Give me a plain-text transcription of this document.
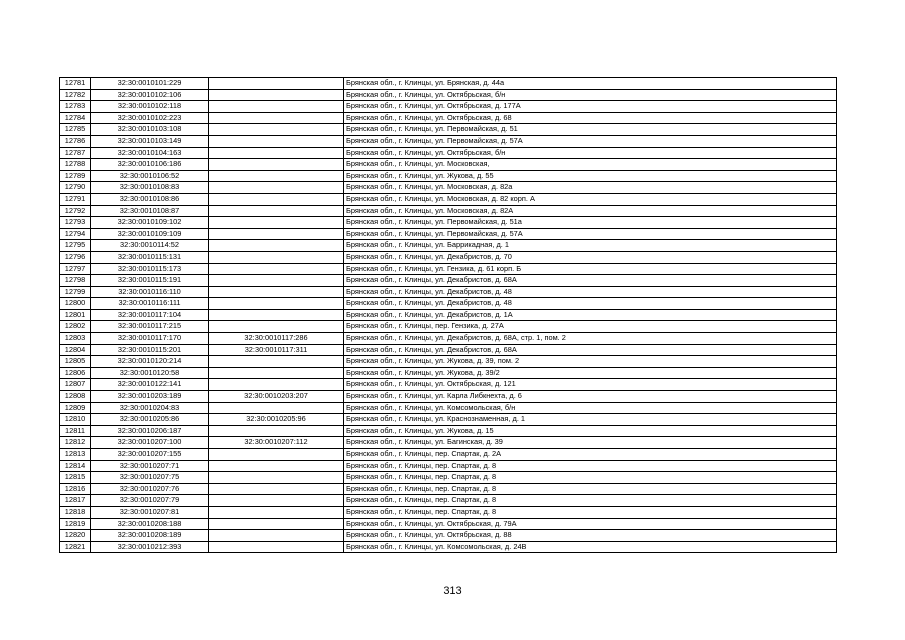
12781	32:30:0010101:229		Брянская обл., г. Клинцы, ул. Брянская, д. 44а
12782	32:30:0010102:106		Брянская обл., г. Клинцы, ул. Октябрьская, б/н
12783	32:30:0010102:118		Брянская обл., г. Клинцы, ул. Октябрьская, д. 177А
12784	32:30:0010102:223		Брянская обл., г. Клинцы, ул. Октябрьская, д. 68
12785	32:30:0010103:108		Брянская обл., г. Клинцы, ул. Первомайская, д. 51
12786	32:30:0010103:149		Брянская обл., г. Клинцы, ул. Первомайская, д. 57А
12787	32:30:0010104:163		Брянская обл., г. Клинцы, ул. Октябрьская, б/н
12788	32:30:0010106:186		Брянская обл., г. Клинцы, ул. Московская,
12789	32:30:0010106:52		Брянская обл., г. Клинцы, ул. Жукова, д. 55
12790	32:30:0010108:83		Брянская обл., г. Клинцы, ул. Московская, д. 82а
12791	32:30:0010108:86		Брянская обл., г. Клинцы, ул. Московская, д. 82 корп. А
12792	32:30:0010108:87		Брянская обл., г. Клинцы, ул. Московская, д. 82А
12793	32:30:0010109:102		Брянская обл., г. Клинцы, ул. Первомайская, д. 51а
12794	32:30:0010109:109		Брянская обл., г. Клинцы, ул. Первомайская, д. 57А
12795	32:30:0010114:52		Брянская обл., г. Клинцы, ул. Баррикадная, д. 1
12796	32:30:0010115:131		Брянская обл., г. Клинцы, ул. Декабристов, д. 70
12797	32:30:0010115:173		Брянская обл., г. Клинцы, ул. Гензика, д. 61 корп. Б
12798	32:30:0010115:191		Брянская обл., г. Клинцы, ул. Декабристов, д. 68А
12799	32:30:0010116:110		Брянская обл., г. Клинцы, ул. Декабристов, д. 48
12800	32:30:0010116:111		Брянская обл., г. Клинцы, ул. Декабристов, д. 48
12801	32:30:0010117:104		Брянская обл., г. Клинцы, ул. Декабристов, д. 1А
12802	32:30:0010117:215		Брянская обл., г. Клинцы, пер. Гензика, д. 27А
12803	32:30:0010117:170	32:30:0010117:286	Брянская обл., г. Клинцы, ул. Декабристов, д. 68А, стр. 1, пом. 2
12804	32:30:0010115:201	32:30:0010117:311	Брянская обл., г. Клинцы, ул. Декабристов, д. 68А
12805	32:30:0010120:214		Брянская обл., г. Клинцы, ул. Жукова, д. 39, пом. 2
12806	32:30:0010120:58		Брянская обл., г. Клинцы, ул. Жукова, д. 39/2
12807	32:30:0010122:141		Брянская обл., г. Клинцы, ул. Октябрьская, д. 121
12808	32:30:0010203:189	32:30:0010203:207	Брянская обл., г. Клинцы, ул. Карла Либкнехта, д. 6
12809	32:30:0010204:83		Брянская обл., г. Клинцы, ул. Комсомольская, б/н
12810	32:30:0010205:86	32:30:0010205:96	Брянская обл., г. Клинцы, ул. Краснознаменная, д. 1
12811	32:30:0010206:187		Брянская обл., г. Клинцы, ул. Жукова, д. 15
12812	32:30:0010207:100	32:30:0010207:112	Брянская обл., г. Клинцы, ул. Багинская, д. 39
12813	32:30:0010207:155		Брянская обл., г. Клинцы, пер. Спартак, д. 2А
12814	32:30:0010207:71		Брянская обл., г. Клинцы, пер. Спартак, д. 8
12815	32:30:0010207:75		Брянская обл., г. Клинцы, пер. Спартак, д. 8
12816	32:30:0010207:76		Брянская обл., г. Клинцы, пер. Спартак, д. 8
12817	32:30:0010207:79		Брянская обл., г. Клинцы, пер. Спартак, д. 8
12818	32:30:0010207:81		Брянская обл., г. Клинцы, пер. Спартак, д. 8
12819	32:30:0010208:188		Брянская обл., г. Клинцы, ул. Октябрьская, д. 79А
12820	32:30:0010208:189		Брянская обл., г. Клинцы, ул. Октябрьская, д. 88
12821	32:30:0010212:393		Брянская обл., г. Клинцы, ул. Комсомольская, д. 24В
313
